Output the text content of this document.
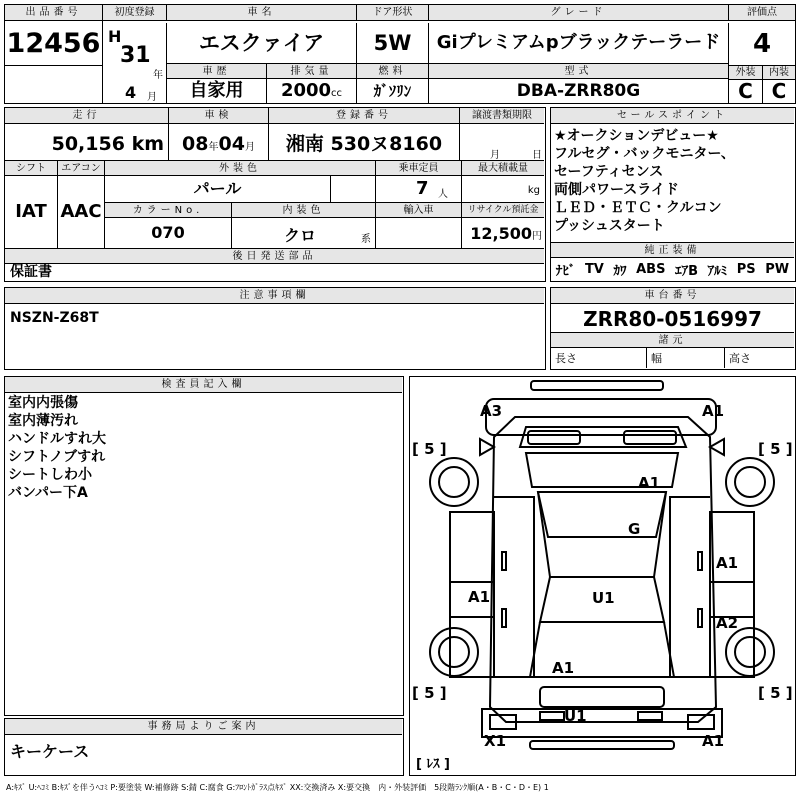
出品番号
12456
初度登録
H
31
年
4 月
車名
エスクァイア
ドア形状
5W
グレード
Giプレミアムpブラックテーラード
評価点
4
外装	内装
C C
車歴	排気量	燃料	型式
自家用	2000cc	ｶﾞｿﾘﾝ	DBA-ZRR80G
走行	車検	登録番号	譲渡書類期限
50,156 km 08年04月	湘南 530ヌ8160
月	日
シフト	エアコン	外装色	乗車定員	最大積載量
IAT AAC
パール	7 人	kg
カラーNo.	内装色	輸入車	リサイクル預託金
070	クロ	系	12,500円
後日発送部品
保証書
セールスポイント
★オークションデビュー★
フルセグ・バックモニター、
セーフティセンス
両側パワースライド
ＬＥＤ・ＥＴＣ・クルコン
プッシュスタート
純正装備
ﾅﾋﾞ TV ｶﾜ ABS ｴｱB ｱﾙﾐ PS PW
注意事項欄
NSZN-Z68T
車台番号
ZRR80-0516997
諸元
長さ	幅	高さ
検査員記入欄
室内内張傷
室内薄汚れ
ハンドルすれ大
シフトノブすれ
シートしわ小
バンパー下A
事務局よりご案内
キーケース
A3	A1
[ 5 ]	[ 5 ]
A1
G
A1
A1	U1
A2
A1
[ 5 ]	[ 5 ]
U1
X1	A1
[ ﾚｽ ]
A:ｷｽﾞ U:ﾍｺﾐ B:ｷｽﾞを伴うﾍｺﾐ P:要塗装 W:補修跡 S:錆 C:腐食 G:ﾌﾛﾝﾄｶﾞﾗｽ点ｷｽﾞ XX:交換済み X:要交換　内・外装評価　5段階ﾗﾝｸ順(A・B・C・D・E) 1
